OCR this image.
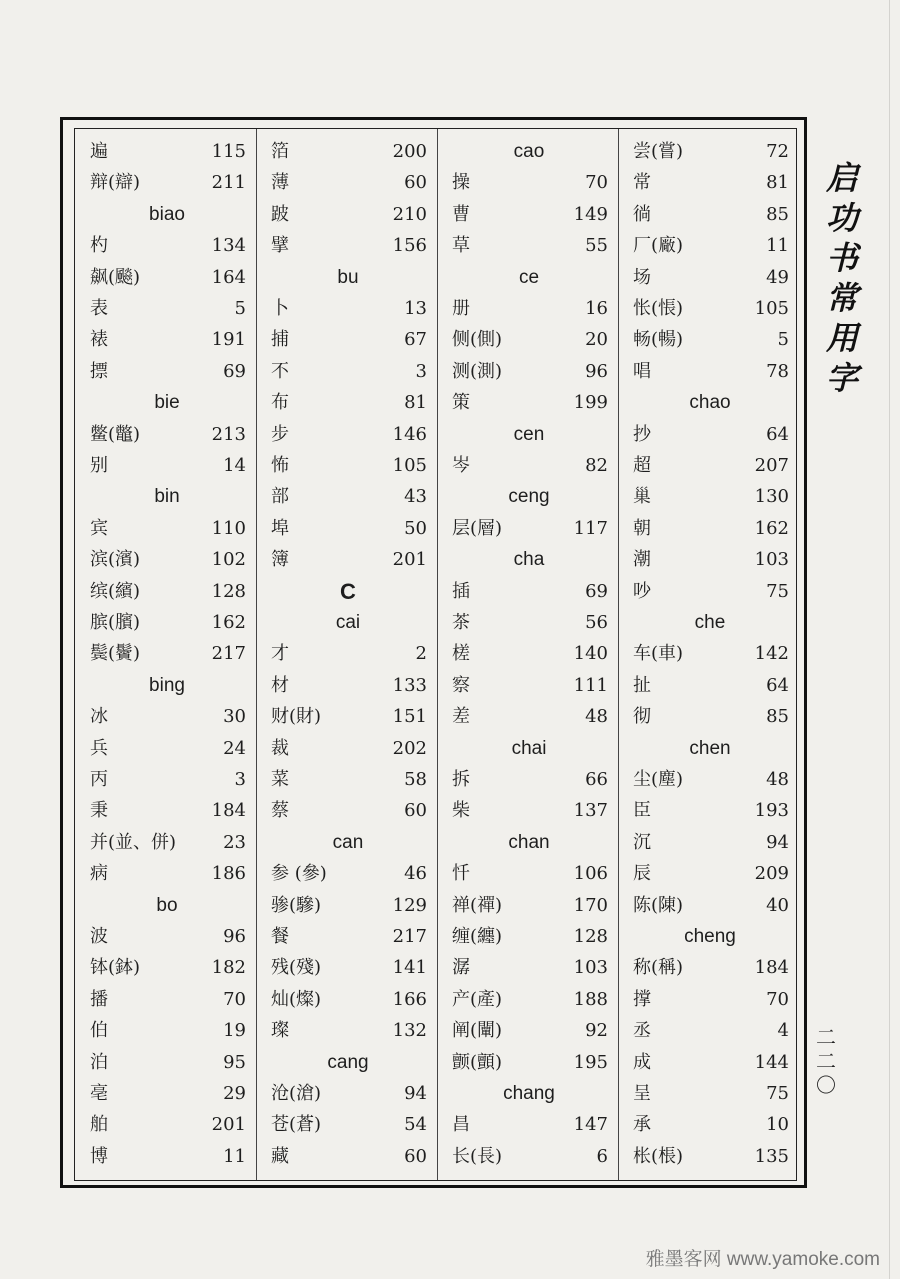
遍	115
辩(辯)	211
biao
杓	134
飙(飈)	164
表	5
裱	191
摽	69
bie
鳖(鼈)	213
别	14
bin
宾	110
滨(濱)	102
缤(繽)	128
膑(臏)	162
鬓(鬢)	217
bing
冰	30
兵	24
丙	3
秉	184
并(並、併)	23
病	186
bo
波	96
钵(鉢)	182
播	70
伯	19
泊	95
亳	29
舶	201
博	11
箔	200
薄	60
跛	210
擘	156
bu
卜	13
捕	67
不	3
布	81
步	146
怖	105
部	43
埠	50
簿	201
C
cai
才	2
材	133
财(財)	151
裁	202
菜	58
蔡	60
can
参 (參)	46
骖(驂)	129
餐	217
残(殘)	141
灿(燦)	166
璨	132
cang
沧(滄)	94
苍(蒼)	54
藏	60
cao
操	70
曹	149
草	55
ce
册	16
侧(側)	20
测(測)	96
策	199
cen
岑	82
ceng
层(層)	117
cha
插	69
茶	56
槎	140
察	111
差	48
chai
拆	66
柴	137
chan
忏	106
禅(禪)	170
缠(纏)	128
潺	103
产(產)	188
阐(闡)	92
颤(顫)	195
chang
昌	147
长(長)	6
尝(嘗)	72
常	81
徜	85
厂(廠)	11
场	49
怅(悵)	105
畅(暢)	5
唱	78
chao
抄	64
超	207
巢	130
朝	162
潮	103
吵	75
che
车(車)	142
扯	64
彻	85
chen
尘(塵)	48
臣	193
沉	94
辰	209
陈(陳)	40
cheng
称(稱)	184
撑	70
丞	4
成	144
呈	75
承	10
枨(棖)	135
启
功
书
常
用
字
二
二
〇
雅墨客网 www.yamoke.com
